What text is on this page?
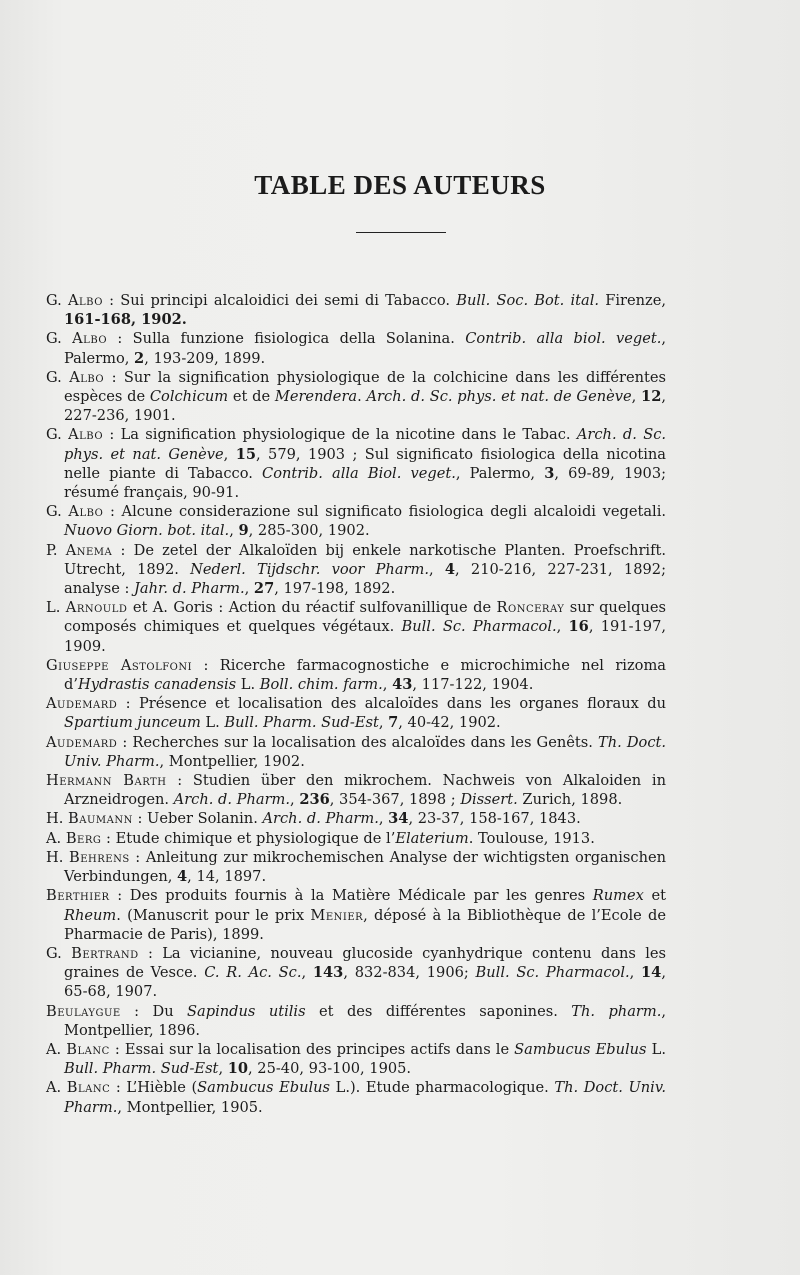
TABLE DES AUTEURS

G. Albo : Sui principi alcaloidici dei semi di Tabacco. Bull. Soc. Bot. ital. Firenze, 161-168, 1902.

G. Albo : Sulla funzione fisiologica della Solanina. Contrib. alla biol. veget., Palermo, 2, 193-209, 1899.

G. Albo : Sur la signification physiologique de la colchicine dans les différentes espèces de Colchicum et de Merendera. Arch. d. Sc. phys. et nat. de Genève, 12, 227-236, 1901.

G. Albo : La signification physiologique de la nicotine dans le Tabac. Arch. d. Sc. phys. et nat. Genève, 15, 579, 1903 ; Sul significato fisiologica della nicotina nelle piante di Tabacco. Contrib. alla Biol. veget., Palermo, 3, 69-89, 1903; résumé français, 90-91.

G. Albo : Alcune considerazione sul significato fisiologica degli alcaloidi vegetali. Nuovo Giorn. bot. ital., 9, 285-300, 1902.

P. Anema : De zetel der Alkaloïden bij enkele narkotische Planten. Proefschrift. Utrecht, 1892. Nederl. Tijdschr. voor Pharm., 4, 210-216, 227-231, 1892; analyse : Jahr. d. Pharm., 27, 197-198, 1892.

L. Arnould et A. Goris : Action du réactif sulfovanillique de Ronceray sur quelques composés chimiques et quelques végétaux. Bull. Sc. Pharmacol., 16, 191-197, 1909.

Giuseppe Astolfoni : Ricerche farmacognostiche e microchimiche nel rizoma d’Hydrastis canadensis L. Boll. chim. farm., 43, 117-122, 1904.

Audemard : Présence et localisation des alcaloïdes dans les organes floraux du Spartium junceum L. Bull. Pharm. Sud-Est, 7, 40-42, 1902.

Audemard : Recherches sur la localisation des alcaloïdes dans les Genêts. Th. Doct. Univ. Pharm., Montpellier, 1902.

Hermann Barth : Studien über den mikrochem. Nachweis von Alkaloiden in Arzneidrogen. Arch. d. Pharm., 236, 354-367, 1898 ; Dissert. Zurich, 1898.

H. Baumann : Ueber Solanin. Arch. d. Pharm., 34, 23-37, 158-167, 1843.

A. Berg : Etude chimique et physiologique de l’Elaterium. Toulouse, 1913.

H. Behrens : Anleitung zur mikrochemischen Analyse der wichtigsten organischen Verbindungen, 4, 14, 1897.

Berthier : Des produits fournis à la Matière Médicale par les genres Rumex et Rheum. (Manuscrit pour le prix Menier, déposé à la Bibliothèque de l’Ecole de Pharmacie de Paris), 1899.

G. Bertrand : La vicianine, nouveau glucoside cyanhydrique contenu dans les graines de Vesce. C. R. Ac. Sc., 143, 832-834, 1906; Bull. Sc. Pharmacol., 14, 65-68, 1907.

Beulaygue : Du Sapindus utilis et des différentes saponines. Th. pharm., Montpellier, 1896.

A. Blanc : Essai sur la localisation des principes actifs dans le Sambucus Ebulus L. Bull. Pharm. Sud-Est, 10, 25-40, 93-100, 1905.

A. Blanc : L’Hièble (Sambucus Ebulus L.). Etude pharmacologique. Th. Doct. Univ. Pharm., Montpellier, 1905.
